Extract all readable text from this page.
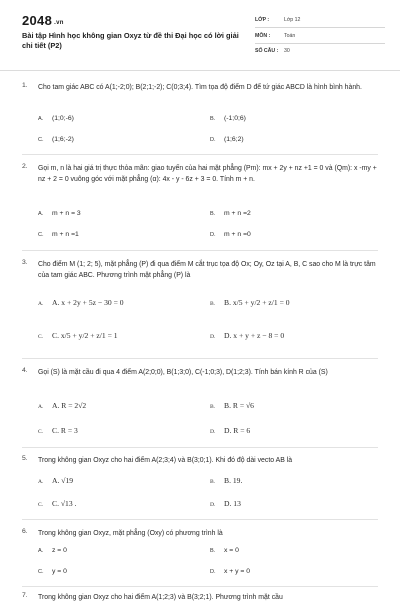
2048 .vn
Bài tập Hình học không gian Oxyz từ đề thi Đại học có lời giải chi tiết (P2)
LỚP :	Lớp 12
MÔN :	Toán
SỐ CÂU : 30
1. Cho tam giác ABC có A(1;-2;0); B(2;1;-2); C(0;3;4). Tìm tọa độ điểm D để tứ giác ABCD là hình bình hành.
A. (1;0;-6)	B. (-1;0;6)
C. (1;6;-2)	D. (1;6;2)
2. Gọi m, n là hai giá trị thực thỏa mãn: giao tuyến của hai mặt phẳng (Pm): mx + 2y + nz +1 = 0 và (Qm): x -my + nz + 2 = 0 vuông góc với mặt phẳng (α): 4x - y - 6z + 3 = 0. Tính m + n.
A. m + n = 3	B. m + n =2
C. m + n =1	D. m + n =0
3. Cho điểm M (1; 2; 5), mặt phẳng (P) đi qua điểm M cắt trục tọa độ Ox; Oy, Oz tại A, B, C sao cho M là trực tâm của tam giác ABC. Phương trình mặt phẳng (P) là
A. A. x + 2y + 5z − 30 = 0	B. B. x/5 + y/2 + z/1 = 0
C. C. x/5 + y/2 + z/1 = 1	D. D. x + y + z − 8 = 0
4. Gọi (S) là mặt cầu đi qua 4 điểm A(2;0;0), B(1;3;0), C(-1;0;3), D(1;2;3). Tính bán kính R của (S)
A. A. R = 2√2	B. B. R = √6
C. C. R = 3	D. D. R = 6
5. Trong không gian Oxyz cho hai điểm A(2;3;4) và B(3;0;1). Khi đó độ dài vecto AB là
A. A. √19	B. B. 19.
C. C. √13 .	D. D. 13
6. Trong không gian Oxyz, mặt phẳng (Oxy) có phương trình là
A. z = 0	B. x = 0
C. y = 0	D. x + y = 0
7. Trong không gian Oxyz cho hai điểm A(1;2;3) và B(3;2;1). Phương trình mặt cầu
